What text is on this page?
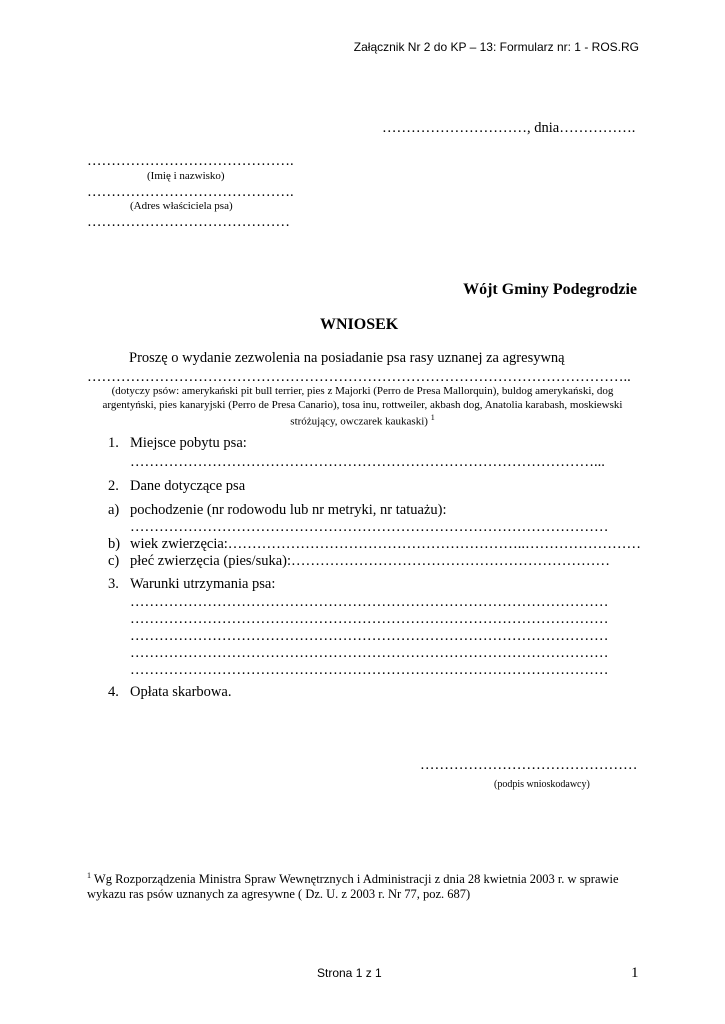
Załącznik Nr 2 do KP – 13: Formularz nr: 1 - ROS.RG
…………………………, dnia…………….
…………………………………….
(Imię i nazwisko)
…………………………………….
(Adres właściciela psa)
……………………………………
Wójt Gminy Podegrodzie
WNIOSEK
Proszę o wydanie zezwolenia na posiadanie psa rasy uznanej za agresywną
…………………………………………………………………………………………………..
(dotyczy psów: amerykański pit bull terrier, pies z Majorki (Perro de Presa Mallorquin), buldog amerykański, dog
argentyński, pies kanaryjski (Perro de Presa Canario), tosa inu, rottweiler, akbash dog, Anatolia karabash, moskiewski
stróżujący, owczarek kaukaski) $^1$
1. Miejsce pobytu psa:
……………………………………………………………………………………...
2. Dane dotyczące psa
a) pochodzenie (nr rodowodu lub nr metryki, nr tatuażu):
………………………………………………………………………………………
b) wiek zwierzęcia:……………………………………………………..……………………
c) płeć zwierzęcia (pies/suka):…………………………………………………………
3. Warunki utrzymania psa:
………………………………………………………………………………………
………………………………………………………………………………………
………………………………………………………………………………………
………………………………………………………………………………………
………………………………………………………………………………………
4. Opłata skarbowa.
………………………………………
(podpis wnioskodawcy)
$^1$ Wg Rozporządzenia Ministra Spraw Wewnętrznych i Administracji z dnia 28 kwietnia 2003 r. w sprawie
wykazu ras psów uznanych za agresywne ( Dz. U. z 2003 r. Nr 77, poz. 687)
Strona 1 z 1	1
